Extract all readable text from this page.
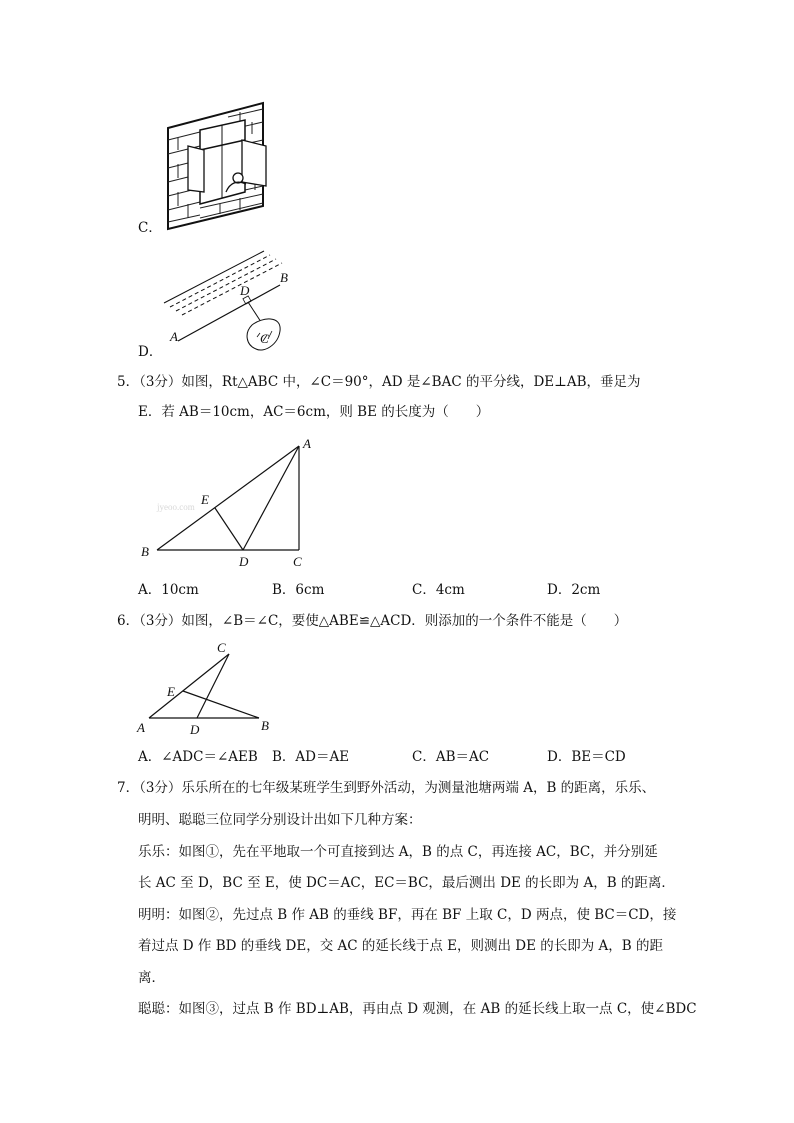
C．
B
D
A	C
D．
5．（3分）如图，Rt△ABC 中，∠C＝90°，AD 是∠BAC 的平分线，DE⊥AB，垂足为
E．若 AB＝10cm，AC＝6cm，则 BE 的长度为（　　）
jyeoo.com
A
E
B
D	C
A．10cm	B．6cm	C．4cm	D．2cm
6．（3分）如图，∠B＝∠C，要使△ABE≌△ACD．则添加的一个条件不能是（　　）
C
E
A	D	B
A．∠ADC＝∠AEB B．AD＝AE	C．AB＝AC	D．BE＝CD
7．（3分）乐乐所在的七年级某班学生到野外活动，为测量池塘两端 A，B 的距离，乐乐、
明明、聪聪三位同学分别设计出如下几种方案：
乐乐：如图①，先在平地取一个可直接到达 A，B 的点 C，再连接 AC，BC，并分别延
长 AC 至 D，BC 至 E，使 DC＝AC，EC＝BC，最后测出 DE 的长即为 A，B 的距离．
明明：如图②，先过点 B 作 AB 的垂线 BF，再在 BF 上取 C，D 两点，使 BC＝CD，接
着过点 D 作 BD 的垂线 DE，交 AC 的延长线于点 E，则测出 DE 的长即为 A，B 的距
离．
聪聪：如图③，过点 B 作 BD⊥AB，再由点 D 观测，在 AB 的延长线上取一点 C，使∠BDC
